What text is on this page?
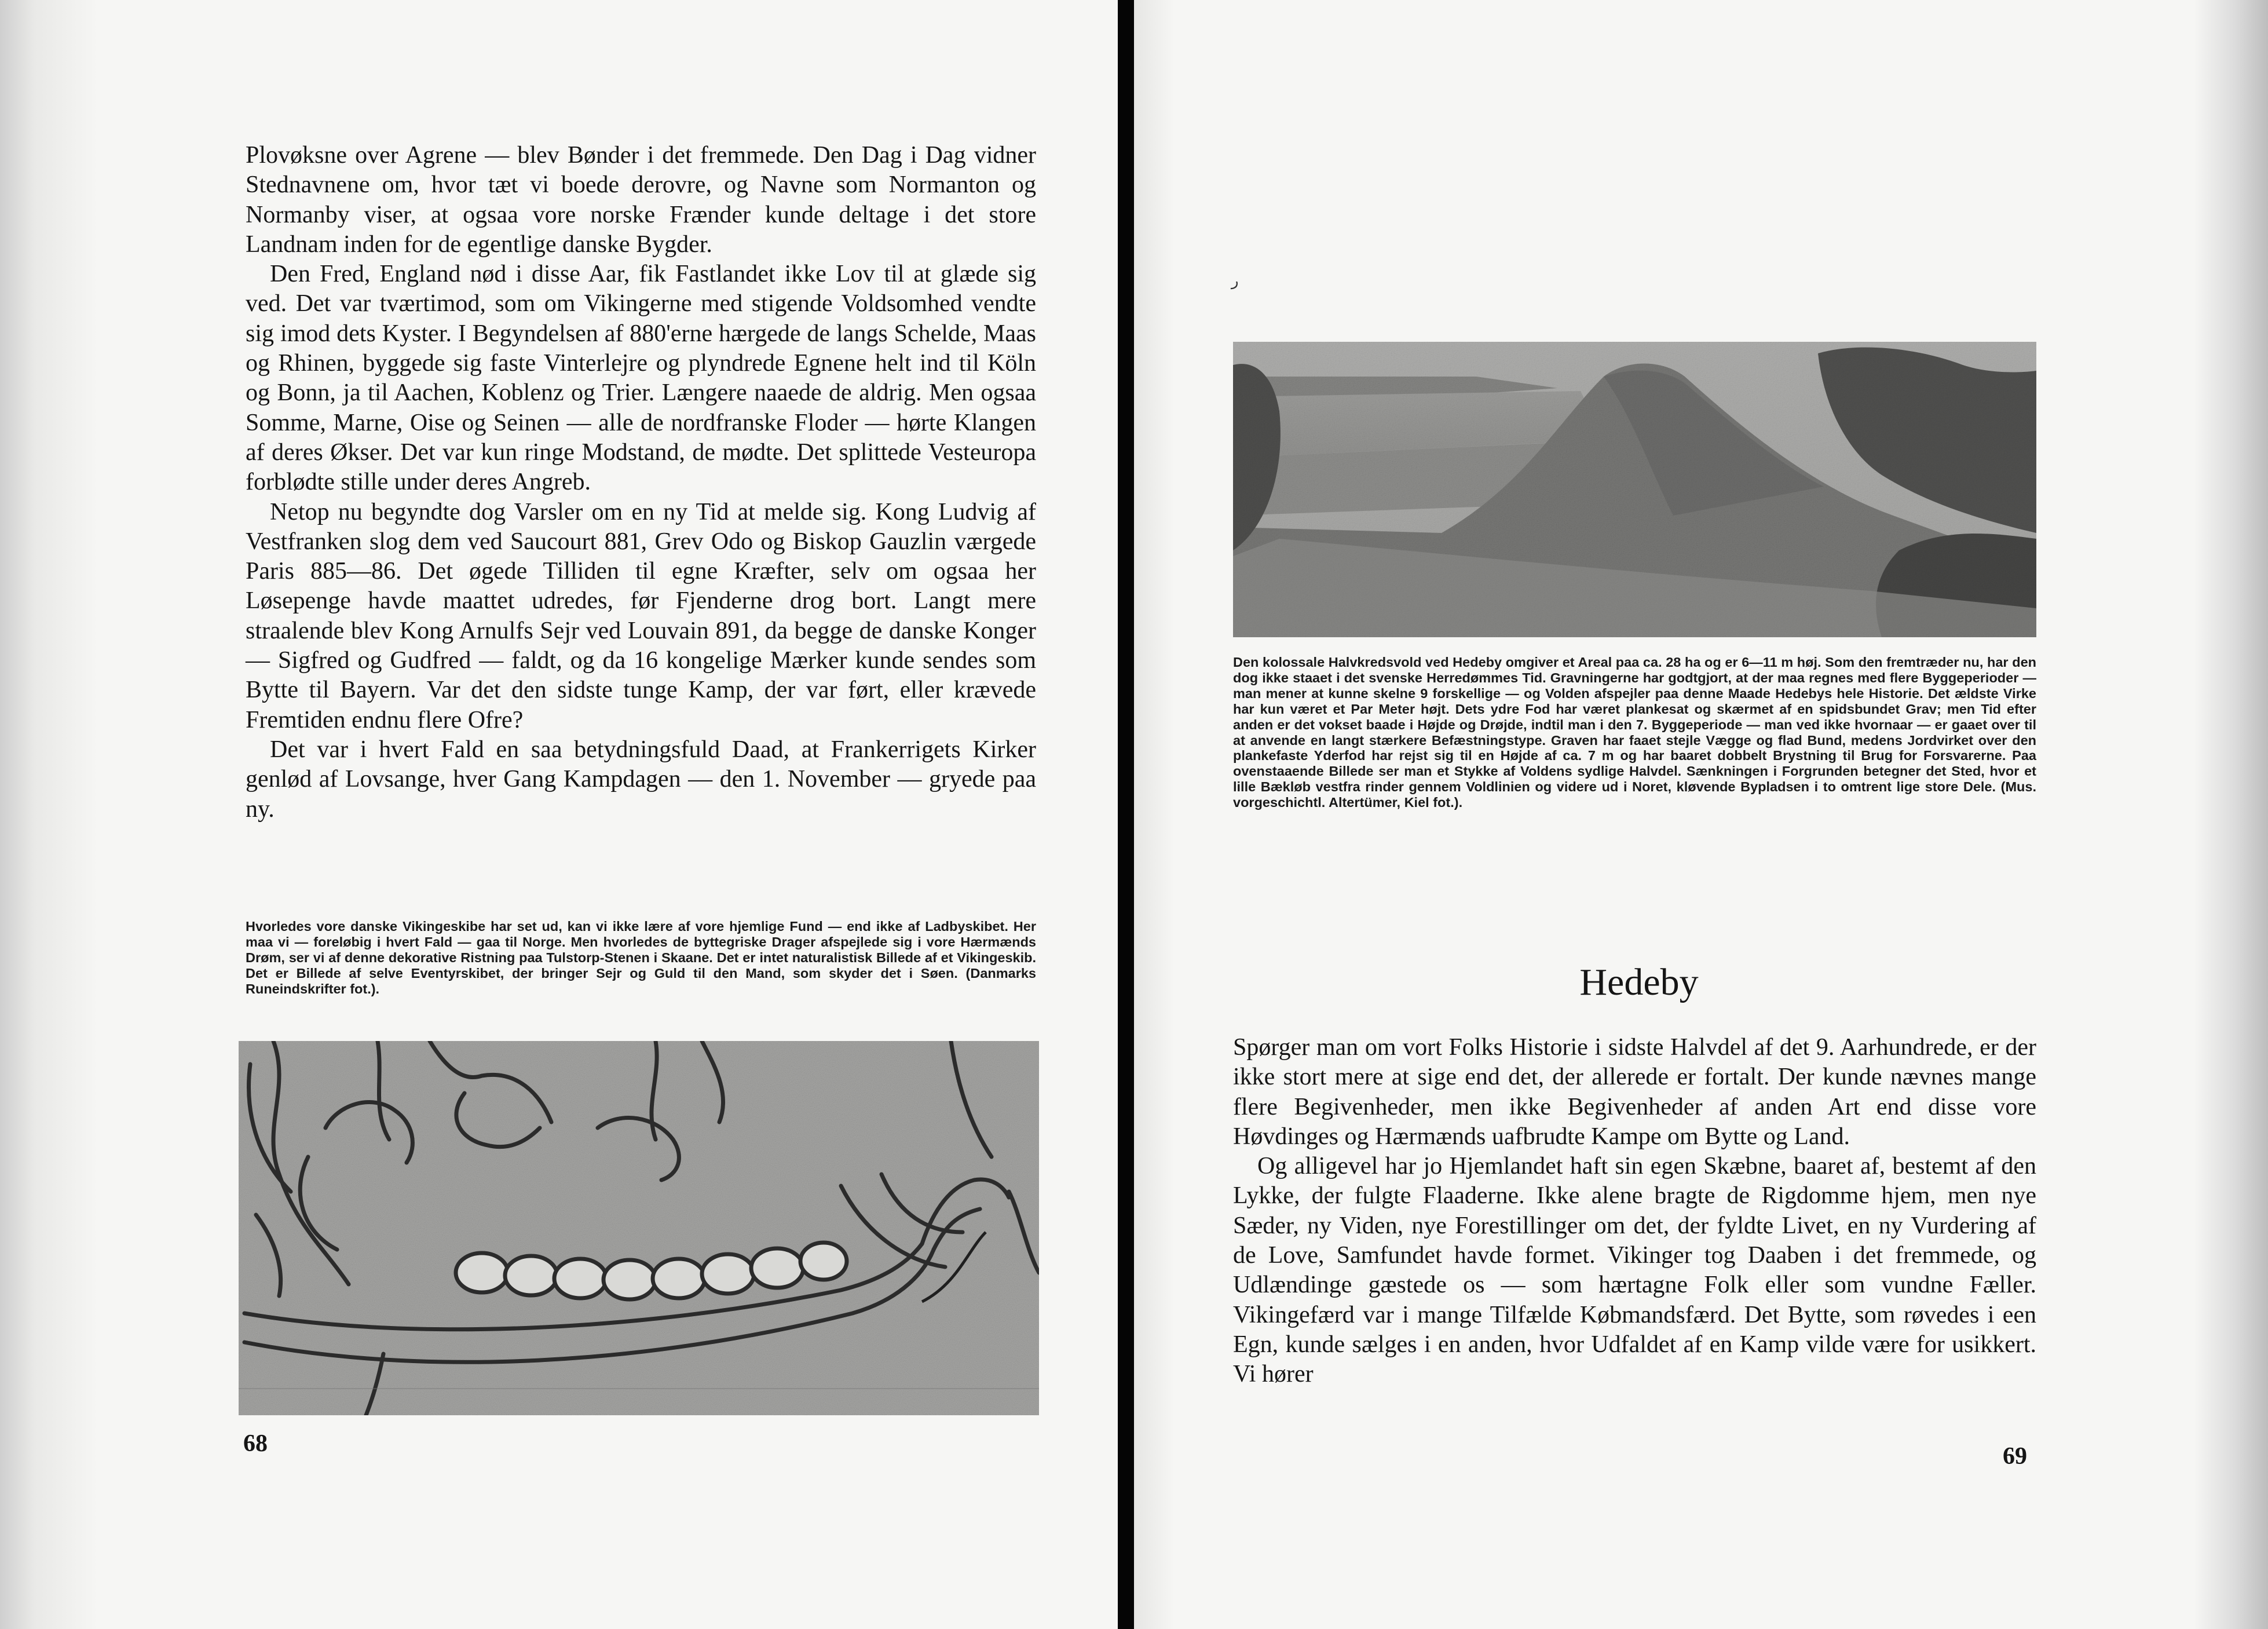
Plovøksne over Agrene — blev Bønder i det fremmede. Den Dag i Dag vidner Stednavnene om, hvor tæt vi boede derovre, og Navne som Normanton og Normanby viser, at ogsaa vore norske Frænder kunde deltage i det store Landnam inden for de egentlige danske Bygder.

Den Fred, England nød i disse Aar, fik Fastlandet ikke Lov til at glæde sig ved. Det var tværtimod, som om Vikingerne med stigende Voldsomhed vendte sig imod dets Kyster. I Begyndelsen af 880'erne hærgede de langs Schelde, Maas og Rhinen, byggede sig faste Vinterlejre og plyndrede Egnene helt ind til Köln og Bonn, ja til Aachen, Koblenz og Trier. Længere naaede de aldrig. Men ogsaa Somme, Marne, Oise og Seinen — alle de nordfranske Floder — hørte Klangen af deres Økser. Det var kun ringe Modstand, de mødte. Det splittede Vesteuropa forblødte stille under deres Angreb.

Netop nu begyndte dog Varsler om en ny Tid at melde sig. Kong Ludvig af Vestfranken slog dem ved Saucourt 881, Grev Odo og Biskop Gauzlin værgede Paris 885—86. Det øgede Tilliden til egne Kræfter, selv om ogsaa her Løsepenge havde maattet udredes, før Fjenderne drog bort. Langt mere straalende blev Kong Arnulfs Sejr ved Louvain 891, da begge de danske Konger — Sigfred og Gudfred — faldt, og da 16 kongelige Mærker kunde sendes som Bytte til Bayern. Var det den sidste tunge Kamp, der var ført, eller krævede Fremtiden endnu flere Ofre?

Det var i hvert Fald en saa betydningsfuld Daad, at Frankerrigets Kirker genlød af Lovsange, hver Gang Kampdagen — den 1. November — gryede paa ny.

Hvorledes vore danske Vikingeskibe har set ud, kan vi ikke lære af vore hjemlige Fund — end ikke af Ladbyskibet. Her maa vi — foreløbig i hvert Fald — gaa til Norge. Men hvorledes de byttegriske Drager afspejlede sig i vore Hærmænds Drøm, ser vi af denne dekorative Ristning paa Tulstorp-Stenen i Skaane. Det er intet naturalistisk Billede af et Vikingeskib. Det er Billede af selve Eventyrskibet, der bringer Sejr og Guld til den Mand, som skyder det i Søen. (Danmarks Runeindskrifter fot.).

68
ﺭ

Den kolossale Halvkredsvold ved Hedeby omgiver et Areal paa ca. 28 ha og er 6—11 m høj. Som den fremtræder nu, har den dog ikke staaet i det svenske Herredømmes Tid. Gravningerne har godtgjort, at der maa regnes med flere Byggeperioder — man mener at kunne skelne 9 forskellige — og Volden afspejler paa denne Maade Hedebys hele Historie. Det ældste Virke har kun været et Par Meter højt. Dets ydre Fod har været plankesat og skærmet af en spidsbundet Grav; men Tid efter anden er det vokset baade i Højde og Drøjde, indtil man i den 7. Byggeperiode — man ved ikke hvornaar — er gaaet over til at anvende en langt stærkere Befæstningstype. Graven har faaet stejle Vægge og flad Bund, medens Jordvirket over den plankefaste Yderfod har rejst sig til en Højde af ca. 7 m og har baaret dobbelt Brystning til Brug for Forsvarerne. Paa ovenstaaende Billede ser man et Stykke af Voldens sydlige Halvdel. Sænkningen i Forgrunden betegner det Sted, hvor et lille Bækløb vestfra rinder gennem Voldlinien og videre ud i Noret, kløvende Bypladsen i to omtrent lige store Dele. (Mus. vorgeschichtl. Altertümer, Kiel fot.).

Hedeby

Spørger man om vort Folks Historie i sidste Halvdel af det 9. Aarhundrede, er der ikke stort mere at sige end det, der allerede er fortalt. Der kunde nævnes mange flere Begivenheder, men ikke Begivenheder af anden Art end disse vore Høvdinges og Hærmænds uafbrudte Kampe om Bytte og Land.

Og alligevel har jo Hjemlandet haft sin egen Skæbne, baaret af, bestemt af den Lykke, der fulgte Flaaderne. Ikke alene bragte de Rigdomme hjem, men nye Sæder, ny Viden, nye Forestillinger om det, der fyldte Livet, en ny Vurdering af de Love, Samfundet havde formet. Vikinger tog Daaben i det fremmede, og Udlændinge gæstede os — som hærtagne Folk eller som vundne Fæller. Vikingefærd var i mange Tilfælde Købmandsfærd. Det Bytte, som røvedes i een Egn, kunde sælges i en anden, hvor Udfaldet af en Kamp vilde være for usikkert. Vi hører

69
